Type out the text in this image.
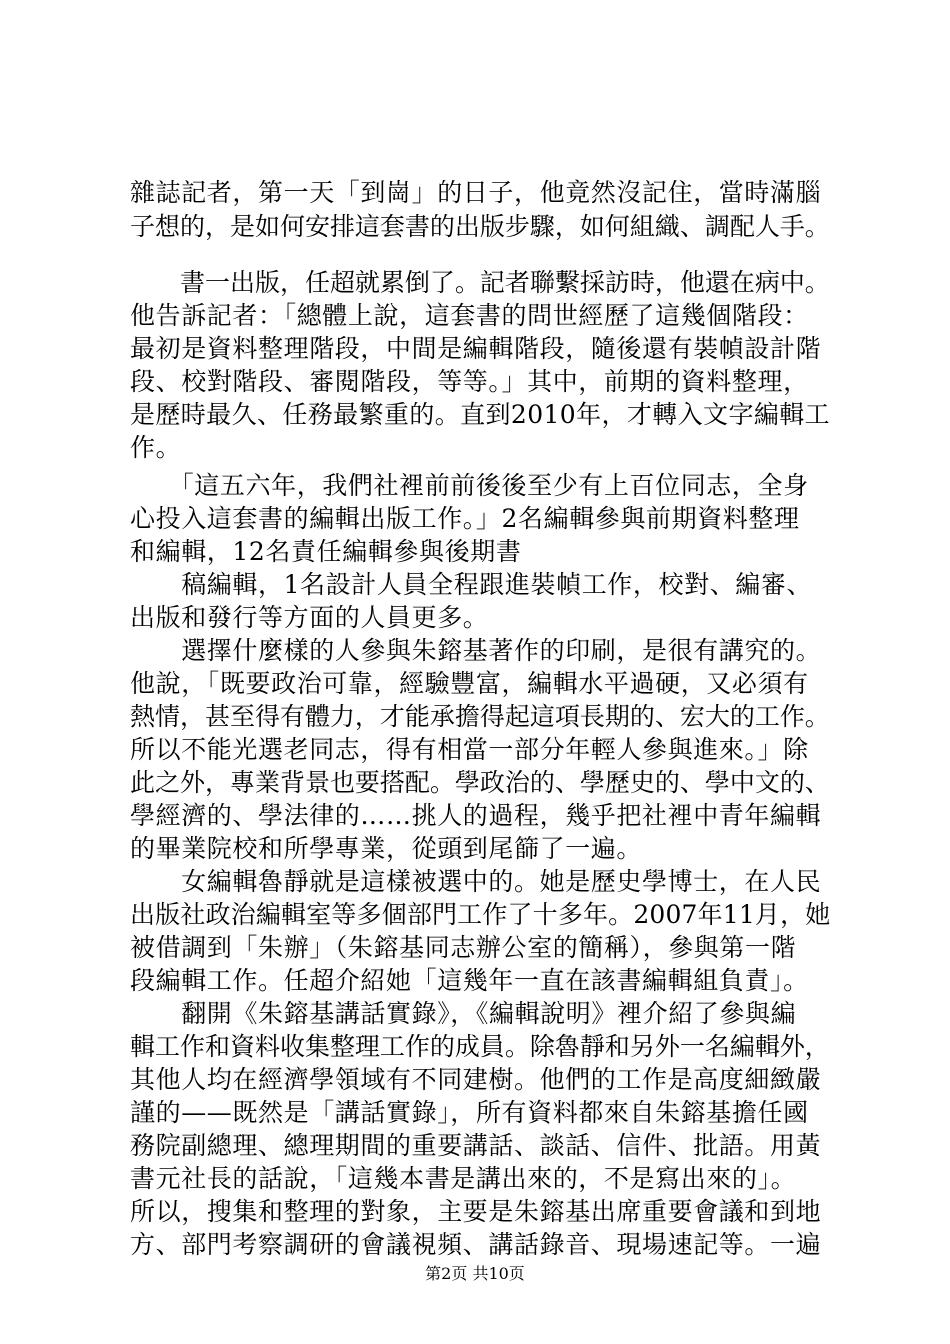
雜誌記者，第一天「到崗」的日子，他竟然沒記住，當時滿腦
子想的，是如何安排這套書的出版步驟，如何組織、調配人手。
　　書一出版，任超就累倒了。記者聯繫採訪時，他還在病中。
他告訴記者：「總體上說，這套書的問世經歷了這幾個階段：
最初是資料整理階段，中間是編輯階段，隨後還有裝幀設計階
段、校對階段、審閱階段，等等。」其中，前期的資料整理，
是歷時最久、任務最繁重的。直到2010年，才轉入文字編輯工
作。
　　「這五六年，我們社裡前前後後至少有上百位同志，全身
心投入這套書的編輯出版工作。」2名編輯參與前期資料整理
和編輯，12名責任編輯參與後期書
　　稿編輯，1名設計人員全程跟進裝幀工作，校對、編審、
出版和發行等方面的人員更多。
　　選擇什麼樣的人參與朱鎔基著作的印刷，是很有講究的。
他說，「既要政治可靠，經驗豐富，編輯水平過硬，又必須有
熱情，甚至得有體力，才能承擔得起這項長期的、宏大的工作。
所以不能光選老同志，得有相當一部分年輕人參與進來。」除
此之外，專業背景也要搭配。學政治的、學歷史的、學中文的、
學經濟的、學法律的……挑人的過程，幾乎把社裡中青年編輯
的畢業院校和所學專業，從頭到尾篩了一遍。
　　女編輯魯靜就是這樣被選中的。她是歷史學博士，在人民
出版社政治編輯室等多個部門工作了十多年。2007年11月，她
被借調到「朱辦」（朱鎔基同志辦公室的簡稱），參與第一階
段編輯工作。任超介紹她「這幾年一直在該書編輯組負責」。
　　翻開《朱鎔基講話實錄》，《編輯說明》裡介紹了參與編
輯工作和資料收集整理工作的成員。除魯靜和另外一名編輯外，
其他人均在經濟學領域有不同建樹。他們的工作是高度細緻嚴
謹的——既然是「講話實錄」，所有資料都來自朱鎔基擔任國
務院副總理、總理期間的重要講話、談話、信件、批語。用黃
書元社長的話說，「這幾本書是講出來的，不是寫出來的」。
所以，搜集和整理的對象，主要是朱鎔基出席重要會議和到地
方、部門考察調研的會議視頻、講話錄音、現場速記等。一遍
第2页 共10页
